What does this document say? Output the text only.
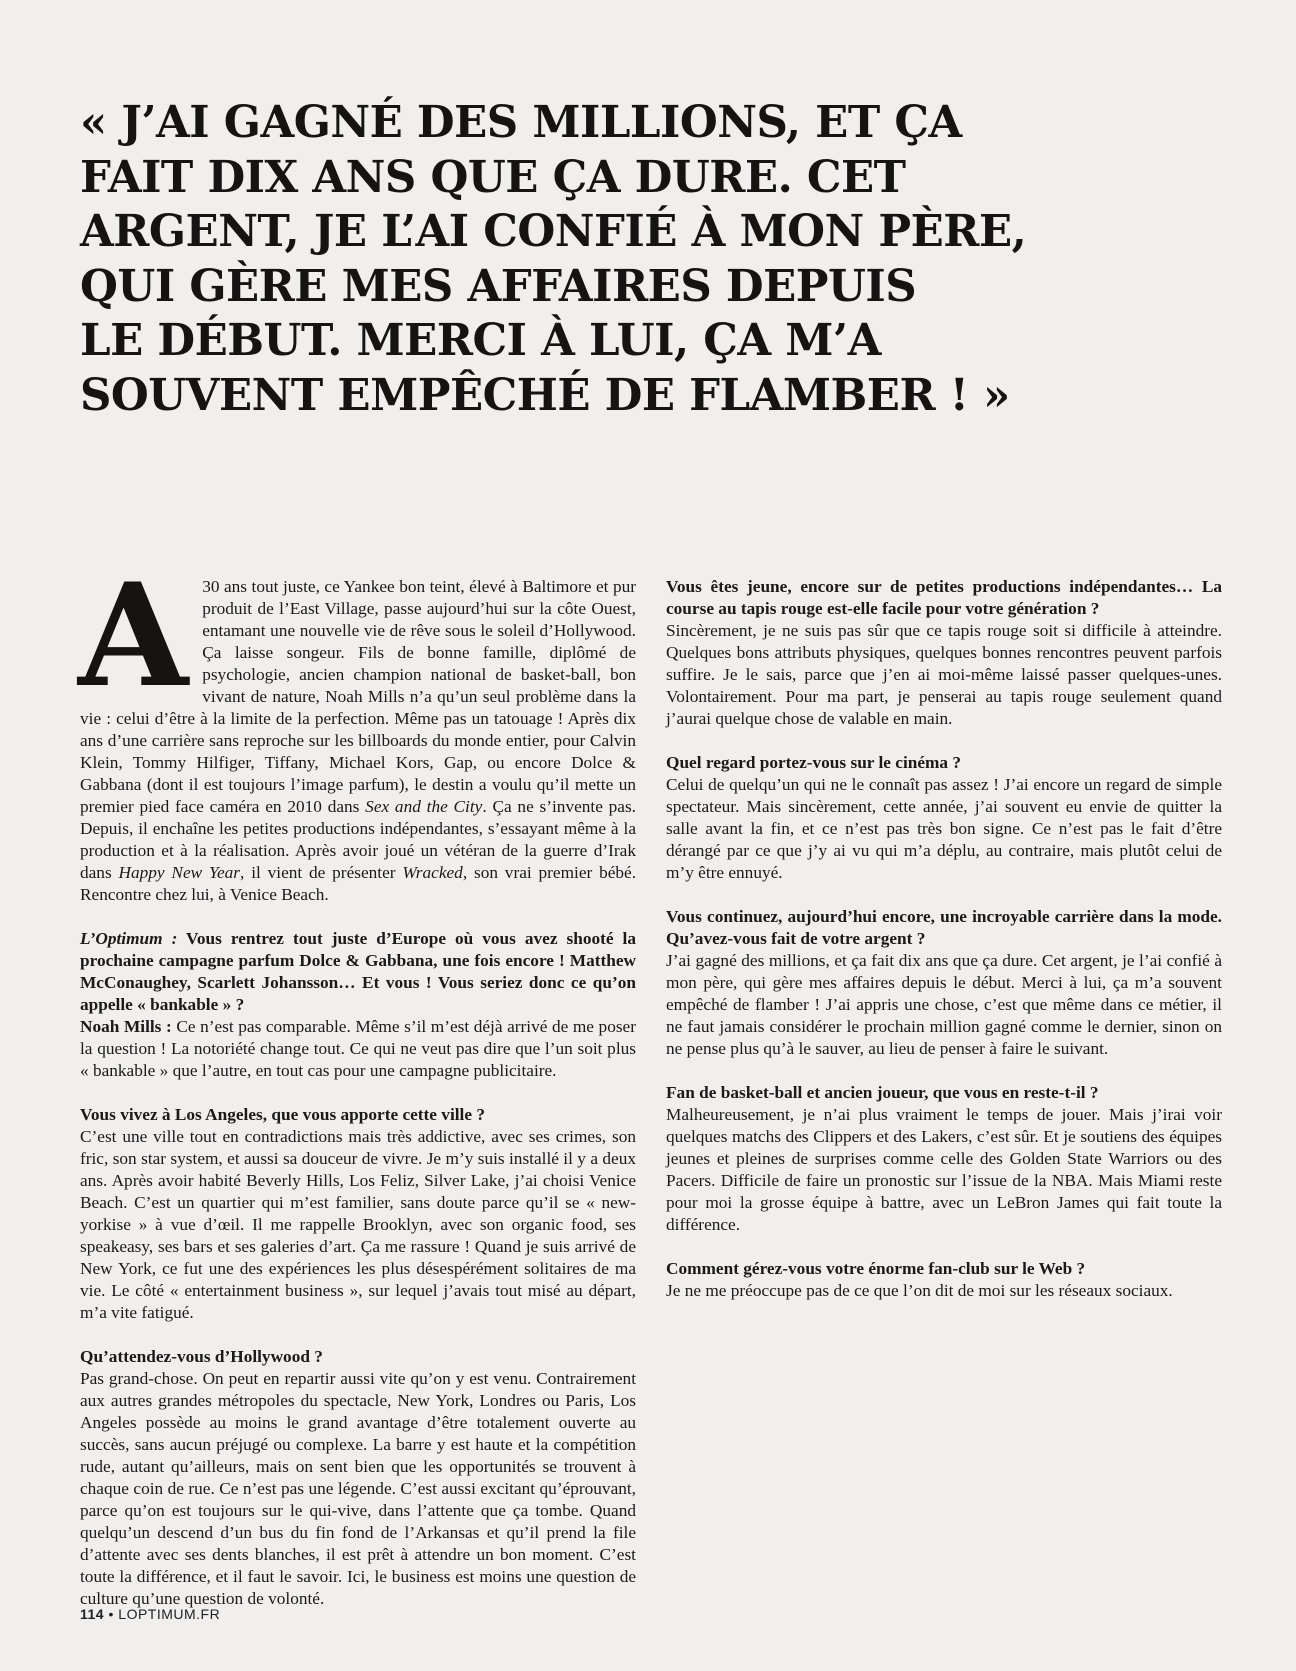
« J’AI GAGNÉ DES MILLIONS, ET ÇA
FAIT DIX ANS QUE ÇA DURE. CET
ARGENT, JE L’AI CONFIÉ À MON PÈRE,
QUI GÈRE MES AFFAIRES DEPUIS
LE DÉBUT. MERCI À LUI, ÇA M’A
SOUVENT EMPÊCHÉ DE FLAMBER ! »

A 30 ans tout juste, ce Yankee bon teint, élevé à Baltimore et pur produit de l’East Village, passe aujourd’hui sur la côte Ouest, entamant une nouvelle vie de rêve sous le soleil d’Hollywood. Ça laisse songeur. Fils de bonne famille, diplômé de psychologie, ancien champion national de basket-ball, bon vivant de nature, Noah Mills n’a qu’un seul problème dans la vie : celui d’être à la limite de la perfection. Même pas un tatouage ! Après dix ans d’une carrière sans reproche sur les billboards du monde entier, pour Calvin Klein, Tommy Hilfiger, Tiffany, Michael Kors, Gap, ou encore Dolce & Gabbana (dont il est toujours l’image parfum), le destin a voulu qu’il mette un premier pied face caméra en 2010 dans Sex and the City. Ça ne s’invente pas. Depuis, il enchaîne les petites productions indépendantes, s’essayant même à la production et à la réalisation. Après avoir joué un vétéran de la guerre d’Irak dans Happy New Year, il vient de présenter Wracked, son vrai premier bébé. Rencontre chez lui, à Venice Beach.

L’Optimum : Vous rentrez tout juste d’Europe où vous avez shooté la prochaine campagne parfum Dolce & Gabbana, une fois encore ! Matthew McConaughey, Scarlett Johansson… Et vous ! Vous seriez donc ce qu’on appelle « bankable » ?
Noah Mills : Ce n’est pas comparable. Même s’il m’est déjà arrivé de me poser la question ! La notoriété change tout. Ce qui ne veut pas dire que l’un soit plus « bankable » que l’autre, en tout cas pour une campagne publicitaire.

Vous vivez à Los Angeles, que vous apporte cette ville ?
C’est une ville tout en contradictions mais très addictive, avec ses crimes, son fric, son star system, et aussi sa douceur de vivre. Je m’y suis installé il y a deux ans. Après avoir habité Beverly Hills, Los Feliz, Silver Lake, j’ai choisi Venice Beach. C’est un quartier qui m’est familier, sans doute parce qu’il se « new-yorkise » à vue d’œil. Il me rappelle Brooklyn, avec son organic food, ses speakeasy, ses bars et ses galeries d’art. Ça me rassure ! Quand je suis arrivé de New York, ce fut une des expériences les plus désespérément solitaires de ma vie. Le côté « entertainment business », sur lequel j’avais tout misé au départ, m’a vite fatigué.

Qu’attendez-vous d’Hollywood ?
Pas grand-chose. On peut en repartir aussi vite qu’on y est venu. Contrairement aux autres grandes métropoles du spectacle, New York, Londres ou Paris, Los Angeles possède au moins le grand avantage d’être totalement ouverte au succès, sans aucun préjugé ou complexe. La barre y est haute et la compétition rude, autant qu’ailleurs, mais on sent bien que les opportunités se trouvent à chaque coin de rue. Ce n’est pas une légende. C’est aussi excitant qu’éprouvant, parce qu’on est toujours sur le qui-vive, dans l’attente que ça tombe. Quand quelqu’un descend d’un bus du fin fond de l’Arkansas et qu’il prend la file d’attente avec ses dents blanches, il est prêt à attendre un bon moment. C’est toute la différence, et il faut le savoir. Ici, le business est moins une question de culture qu’une question de volonté.

Vous êtes jeune, encore sur de petites productions indépendantes… La course au tapis rouge est-elle facile pour votre génération ?
Sincèrement, je ne suis pas sûr que ce tapis rouge soit si difficile à atteindre. Quelques bons attributs physiques, quelques bonnes rencontres peuvent parfois suffire. Je le sais, parce que j’en ai moi-même laissé passer quelques-unes. Volontairement. Pour ma part, je penserai au tapis rouge seulement quand j’aurai quelque chose de valable en main.

Quel regard portez-vous sur le cinéma ?
Celui de quelqu’un qui ne le connaît pas assez ! J’ai encore un regard de simple spectateur. Mais sincèrement, cette année, j’ai souvent eu envie de quitter la salle avant la fin, et ce n’est pas très bon signe. Ce n’est pas le fait d’être dérangé par ce que j’y ai vu qui m’a déplu, au contraire, mais plutôt celui de m’y être ennuyé.

Vous continuez, aujourd’hui encore, une incroyable carrière dans la mode. Qu’avez-vous fait de votre argent ?
J’ai gagné des millions, et ça fait dix ans que ça dure. Cet argent, je l’ai confié à mon père, qui gère mes affaires depuis le début. Merci à lui, ça m’a souvent empêché de flamber ! J’ai appris une chose, c’est que même dans ce métier, il ne faut jamais considérer le prochain million gagné comme le dernier, sinon on ne pense plus qu’à le sauver, au lieu de penser à faire le suivant.

Fan de basket-ball et ancien joueur, que vous en reste-t-il ?
Malheureusement, je n’ai plus vraiment le temps de jouer. Mais j’irai voir quelques matchs des Clippers et des Lakers, c’est sûr. Et je soutiens des équipes jeunes et pleines de surprises comme celle des Golden State Warriors ou des Pacers. Difficile de faire un pronostic sur l’issue de la NBA. Mais Miami reste pour moi la grosse équipe à battre, avec un LeBron James qui fait toute la différence.

Comment gérez-vous votre énorme fan-club sur le Web ?
Je ne me préoccupe pas de ce que l’on dit de moi sur les réseaux sociaux.

114 • LOPTIMUM.FR
